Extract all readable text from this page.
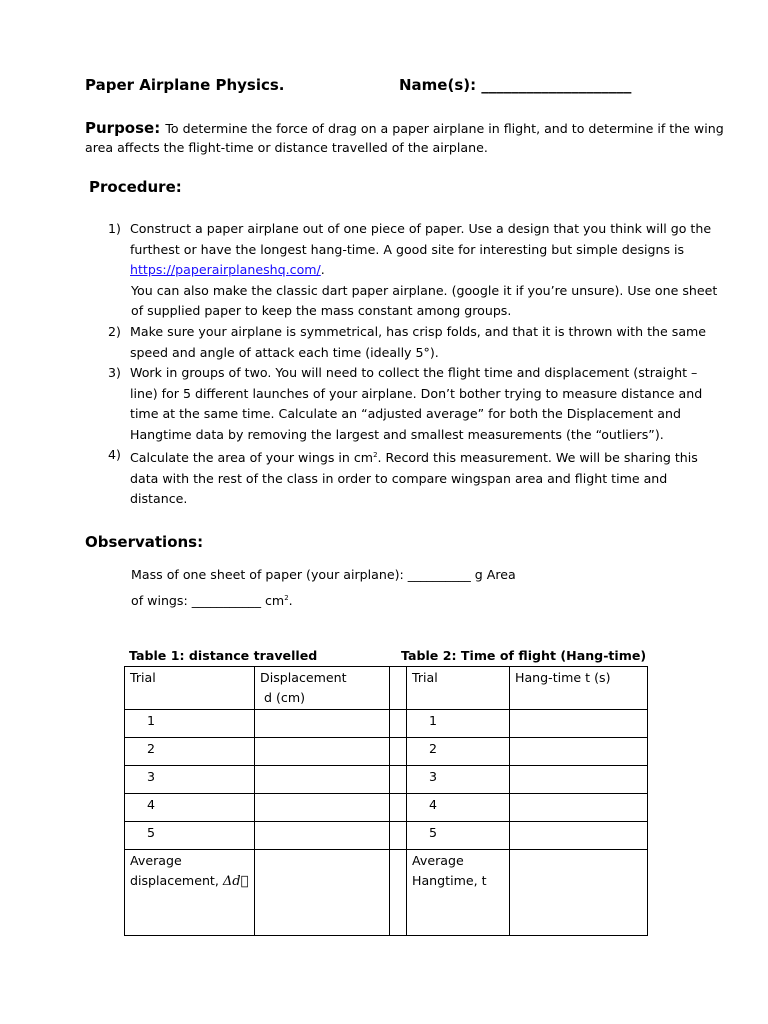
Paper Airplane Physics.	Name(s): ____________________
Purpose: To determine the force of drag on a paper airplane in flight, and to determine if the wing
area affects the flight-time or distance travelled of the airplane.
Procedure:
1) Construct a paper airplane out of one piece of paper. Use a design that you think will go the
furthest or have the longest hang-time. A good site for interesting but simple designs is
https://paperairplaneshq.com/.
You can also make the classic dart paper airplane. (google it if you’re unsure). Use one sheet
of supplied paper to keep the mass constant among groups.
2) Make sure your airplane is symmetrical, has crisp folds, and that it is thrown with the same
speed and angle of attack each time (ideally 5°).
3) Work in groups of two. You will need to collect the flight time and displacement (straight –
line) for 5 different launches of your airplane. Don’t bother trying to measure distance and
time at the same time. Calculate an “adjusted average” for both the Displacement and
Hangtime data by removing the largest and smallest measurements (the “outliers”).
4) Calculate the area of your wings in $cm^2$. Record this measurement. We will be sharing this
data with the rest of the class in order to compare wingspan area and flight time and
distance.
Observations:
Mass of one sheet of paper (your airplane): __________ g Area
of wings: ___________ $cm^2$.
Table 1: distance travelled	Table 2: Time of flight (Hang-time)
Trial	Displacement
d (cm)		Trial	Hang-time t (s)
1			1	
2			2	
3			3	
4			4	
5			5	

Average
displacement, Δd⃗			Average
Hangtime, t	
